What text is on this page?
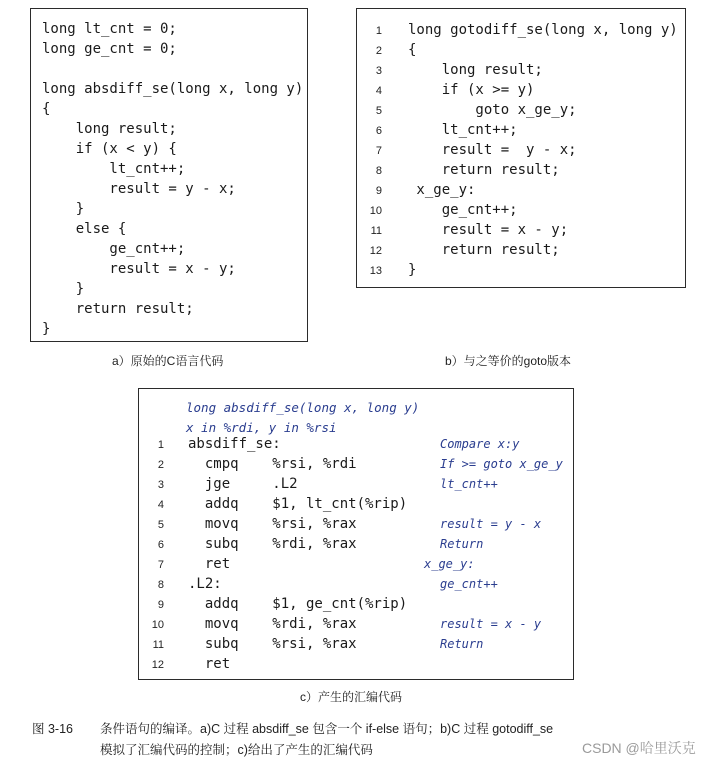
long lt_cnt = 0;
long ge_cnt = 0;
long absdiff_se(long x, long y)
{
long result;
if (x < y) {
lt_cnt++;
result = y - x;
}
else {
ge_cnt++;
result = x - y;
}
return result;
}
a）原始的C语言代码
1
2
3
4
5
6
7
8
9
10
11
12
13
long gotodiff_se(long x, long y)
{
long result;
if (x >= y)
goto x_ge_y;
lt_cnt++;
result =  y - x;
return result;
x_ge_y:
ge_cnt++;
result = x - y;
return result;
}
b）与之等价的goto版本
long absdiff_se(long x, long y)
x in %rdi, y in %rsi
1
2
3
4
5
6
7
8
9
10
11
12
absdiff_se:
cmpq    %rsi, %rdi
jge     .L2
addq    $1, lt_cnt(%rip)
movq    %rsi, %rax
subq    %rdi, %rax
ret
.L2:
addq    $1, ge_cnt(%rip)
movq    %rdi, %rax
subq    %rsi, %rax
ret
Compare x:y
If >= goto x_ge_y
lt_cnt++
result = y - x
Return
x_ge_y:
ge_cnt++
result = x - y
Return
c）产生的汇编代码
图 3-16 条件语句的编译。a)C 过程 absdiff_se 包含一个 if-else 语句；b)C 过程 gotodiff_se
模拟了汇编代码的控制；c)给出了产生的汇编代码	CSDN @哈里沃克
